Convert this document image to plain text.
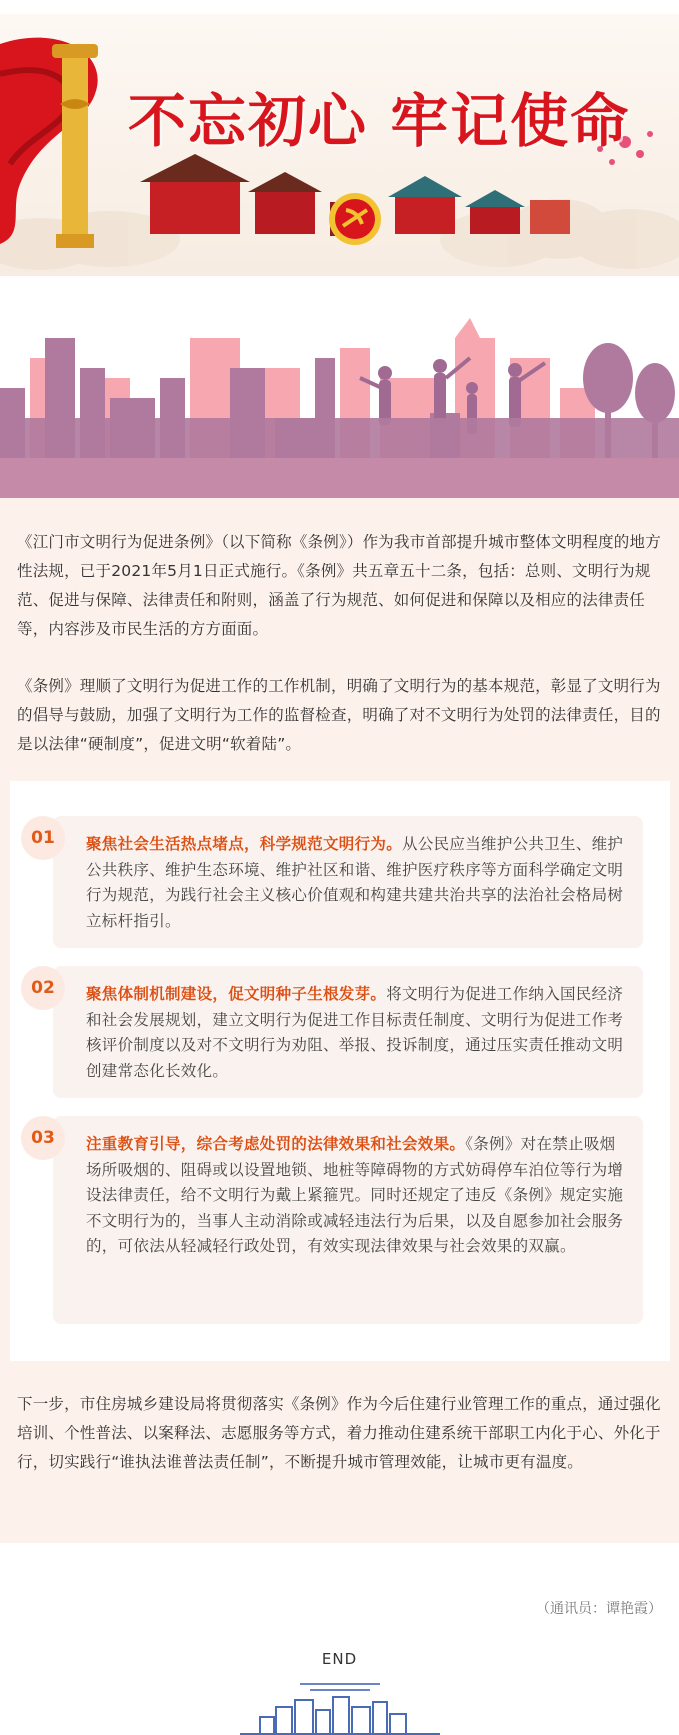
不忘初心 牢记使命
《江门市文明行为促进条例》（以下简称《条例》）作为我市首部提升城市整体文明程度的地方性法规，已于2021年5月1日正式施行。《条例》共五章五十二条，包括：总则、文明行为规范、促进与保障、法律责任和附则，涵盖了行为规范、如何促进和保障以及相应的法律责任等，内容涉及市民生活的方方面面。
《条例》理顺了文明行为促进工作的工作机制，明确了文明行为的基本规范，彰显了文明行为的倡导与鼓励，加强了文明行为工作的监督检查，明确了对不文明行为处罚的法律责任，目的是以法律“硬制度”，促进文明“软着陆”。
01	聚焦社会生活热点堵点，科学规范文明行为。从公民应当维护公共卫生、维护公共秩序、维护生态环境、维护社区和谐、维护医疗秩序等方面科学确定文明行为规范，为践行社会主义核心价值观和构建共建共治共享的法治社会格局树立标杆指引。
02	聚焦体制机制建设，促文明种子生根发芽。将文明行为促进工作纳入国民经济和社会发展规划，建立文明行为促进工作目标责任制度、文明行为促进工作考核评价制度以及对不文明行为劝阻、举报、投诉制度，通过压实责任推动文明创建常态化长效化。
03	注重教育引导，综合考虑处罚的法律效果和社会效果。《条例》对在禁止吸烟场所吸烟的、阻碍或以设置地锁、地桩等障碍物的方式妨碍停车泊位等行为增设法律责任，给不文明行为戴上紧箍咒。同时还规定了违反《条例》规定实施不文明行为的，当事人主动消除或减轻违法行为后果，以及自愿参加社会服务的，可依法从轻减轻行政处罚，有效实现法律效果与社会效果的双赢。
下一步，市住房城乡建设局将贯彻落实《条例》作为今后住建行业管理工作的重点，通过强化培训、个性普法、以案释法、志愿服务等方式，着力推动住建系统干部职工内化于心、外化于行，切实践行“谁执法谁普法责任制”，不断提升城市管理效能，让城市更有温度。
（通讯员：谭艳霞）
END
